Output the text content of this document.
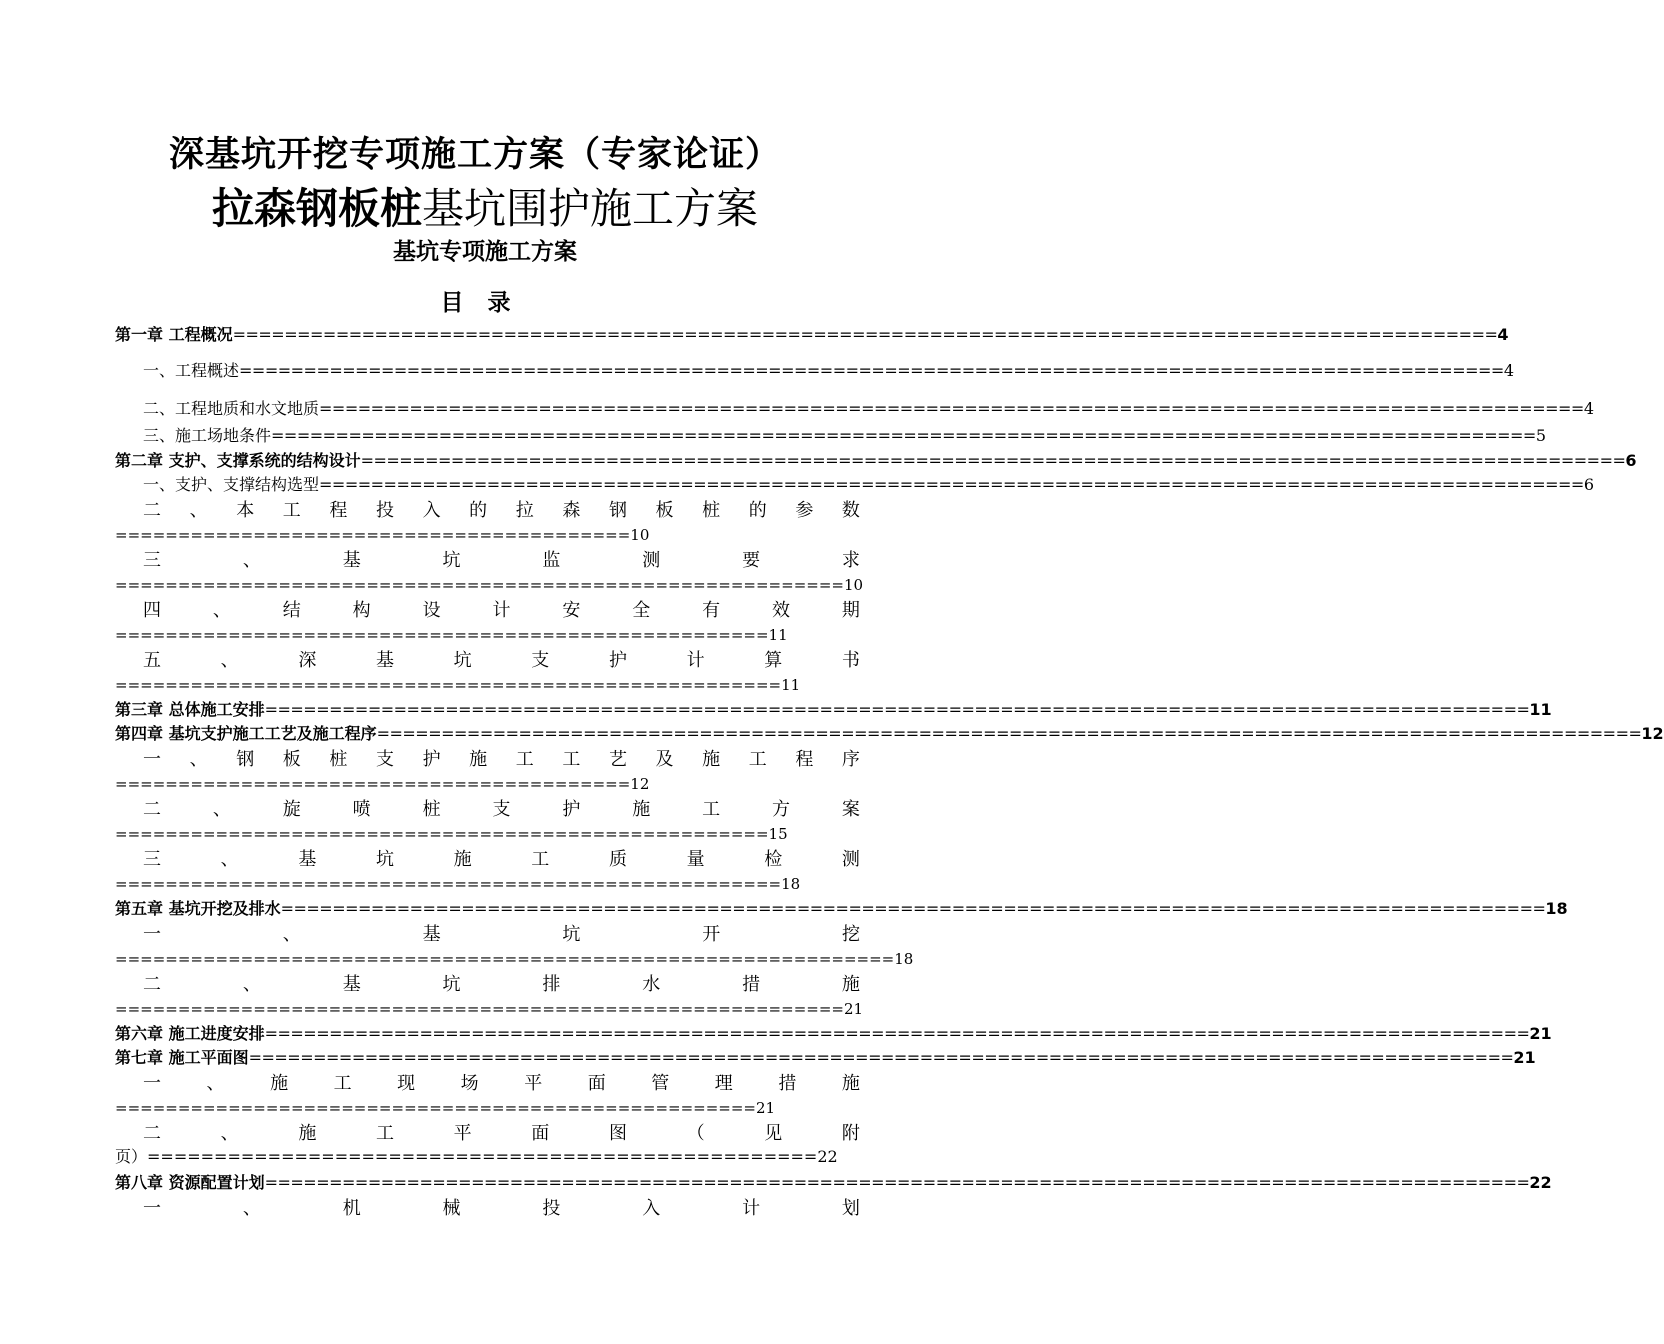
深基坑开挖专项施工方案（专家论证）
拉森钢板桩基坑围护施工方案
基坑专项施工方案
目录
第一章 工程概况 ================================================================================================== 4
一、工程概述 ================================================================================================== 4
二、工程地质和水文地质 ================================================================================================== 4
三、施工场地条件 ================================================================================================== 5
第二章 支护、支撑系统的结构设计 ================================================================================================== 6
一、支护、支撑结构选型 ================================================================================================== 6
二 、 本 工 程 投 入 的 拉 森 钢 板 桩 的 参 数
=========================================10
三	、	基	坑	监	测	要	求
==========================================================10
四	、	结	构	设	计	安	全	有	效	期
====================================================11
五	、	深	基	坑	支	护	计	算	书
=====================================================11
第三章 总体施工安排 ================================================================================================== 11
第四章 基坑支护施工工艺及施工程序 ================================================================================================== 12
一 、 钢 板 桩 支 护 施 工 工 艺 及 施 工 程 序
=========================================12
二	、	旋	喷	桩	支	护	施	工	方	案
====================================================15
三	、	基	坑	施	工	质	量	检	测
=====================================================18
第五章 基坑开挖及排水 ================================================================================================== 18
一	、	基	坑	开	挖
==============================================================18
二	、	基	坑	排	水	措	施
==========================================================21
第六章 施工进度安排 ================================================================================================== 21
第七章 施工平面图 ================================================================================================== 21
一	、	施	工	现	场	平	面	管	理	措	施
===================================================21
二	、	施	工	平	面	图	（	见	附
页）==================================================22
第八章 资源配置计划 ================================================================================================== 22
一	、	机	械	投	入	计	划
